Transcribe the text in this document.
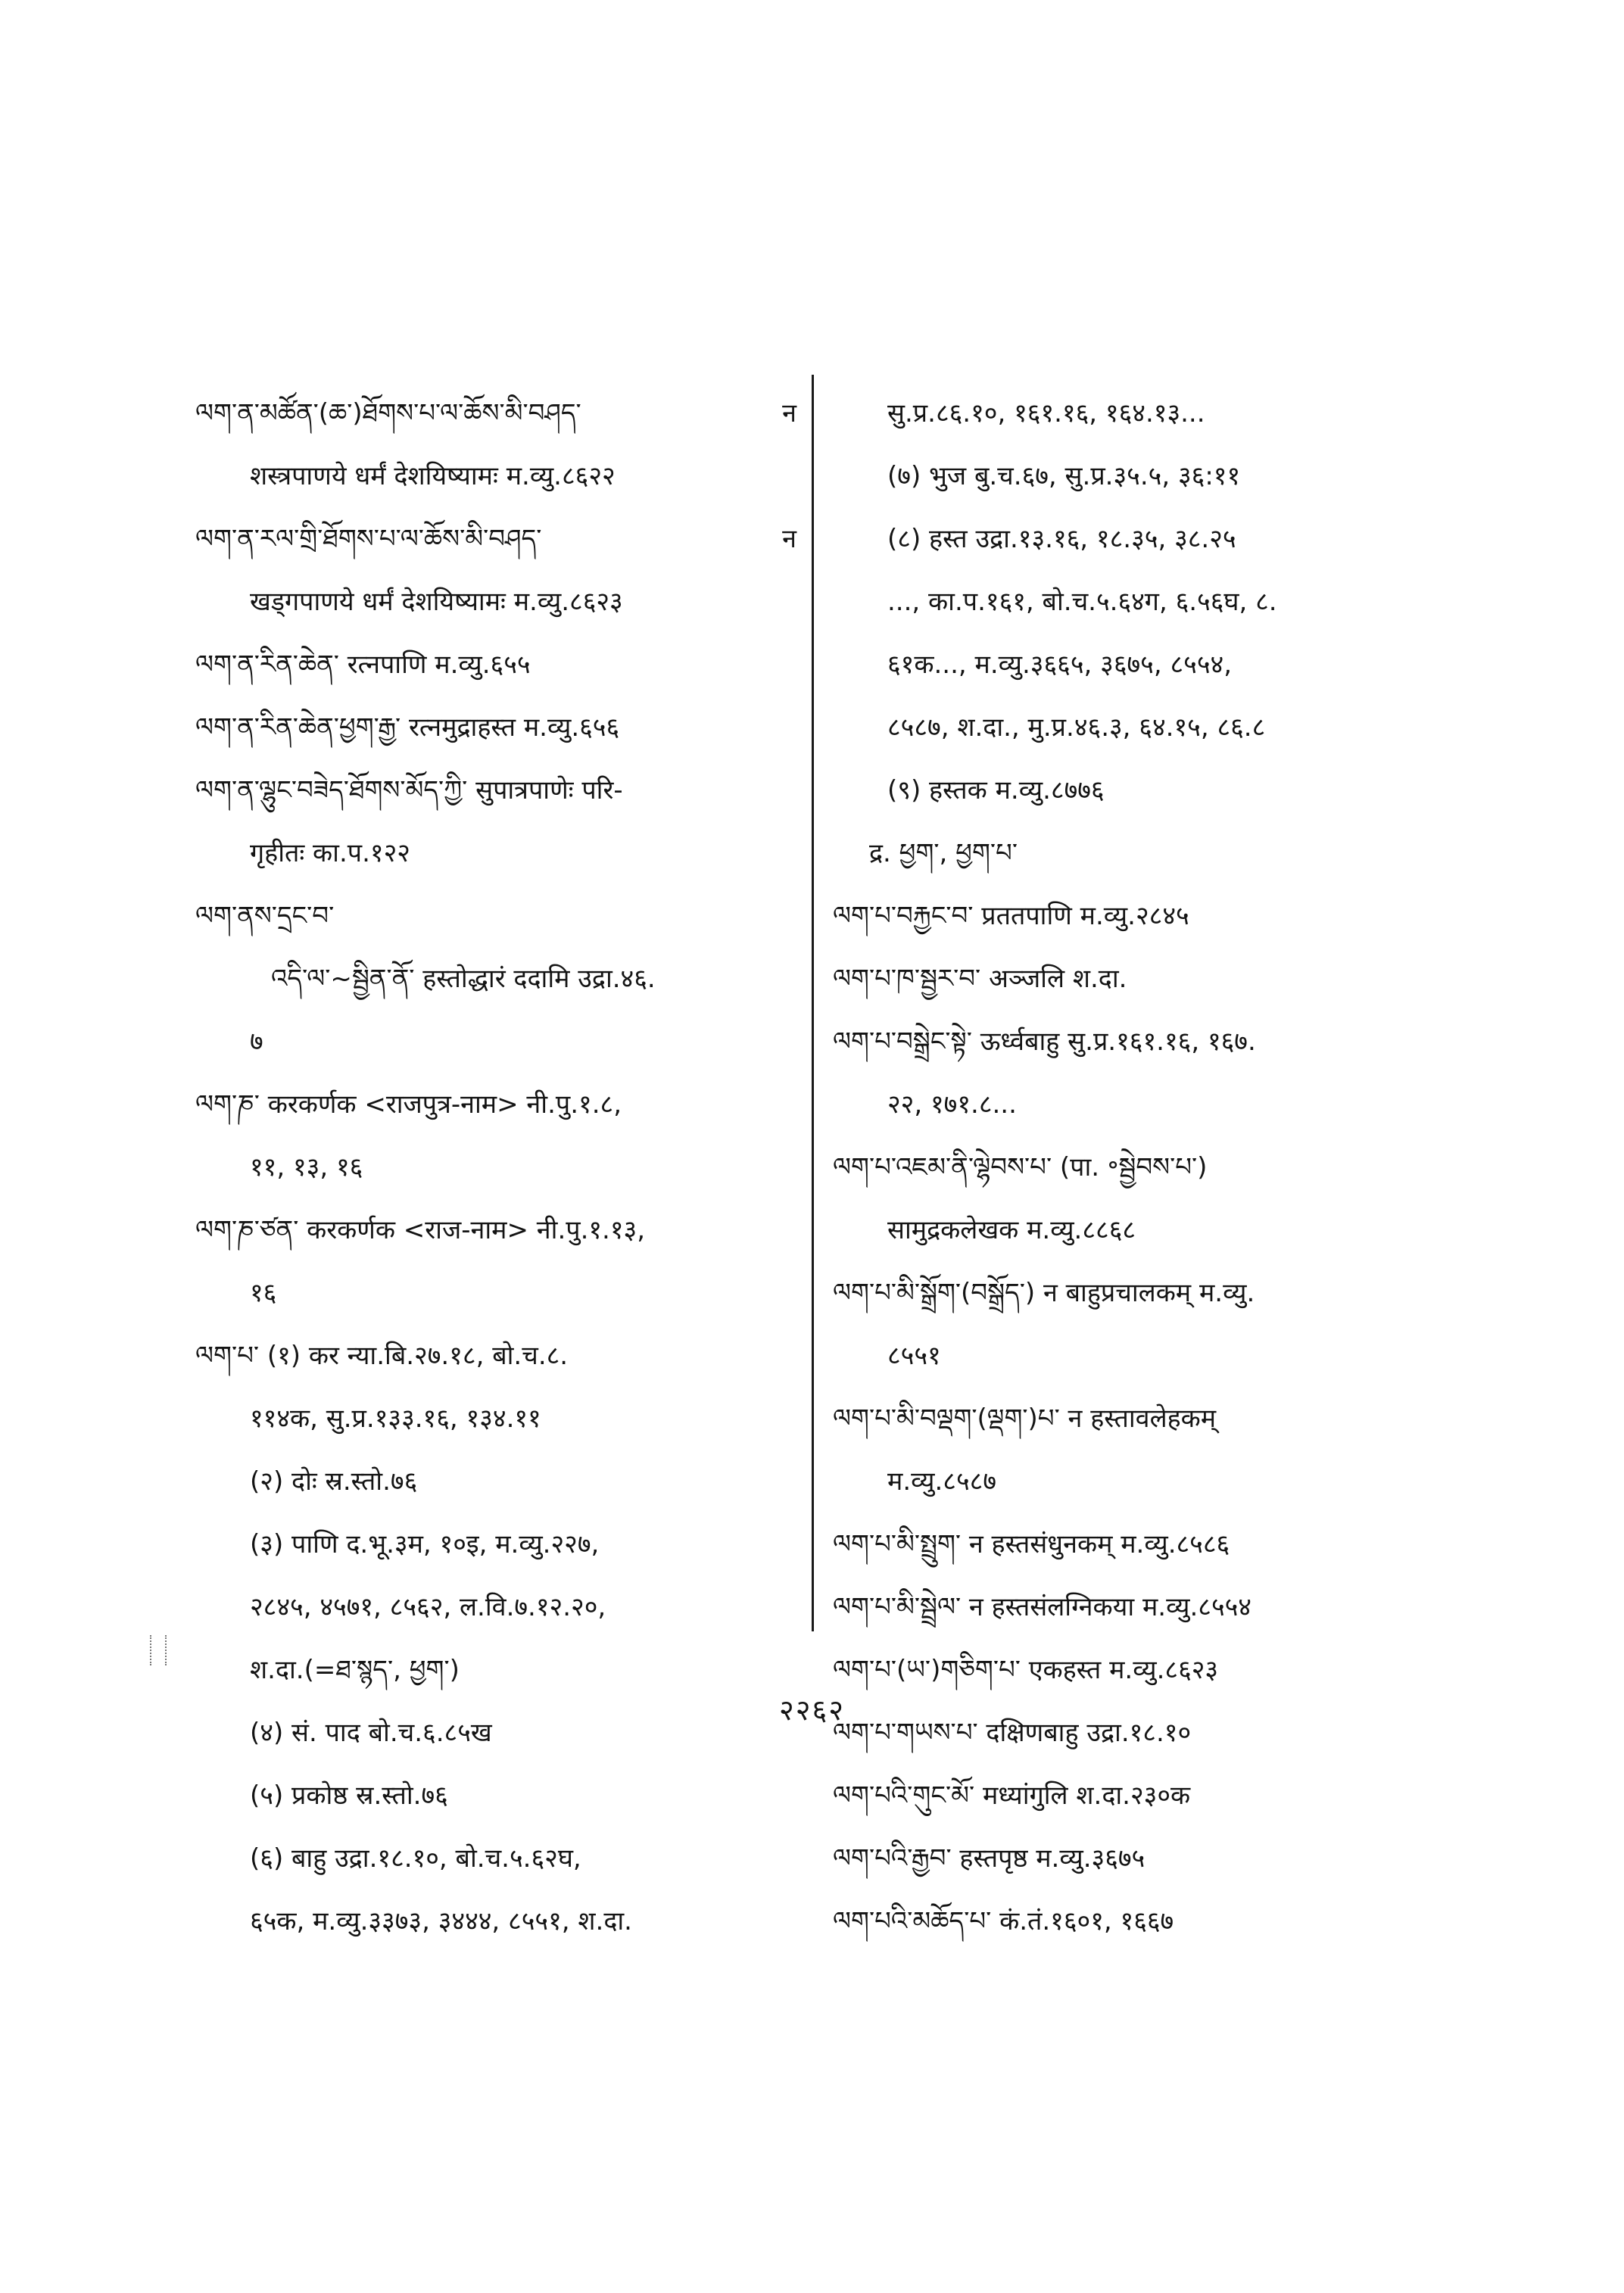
ལག་ན་མཚོན་(ཆ་)ཐོགས་པ་ལ་ཆོས་མི་བཤད་	न
शस्त्रपाणये धर्मं देशयिष्यामः म.व्यु.८६२२
ལག་ན་རལ་གྲི་ཐོགས་པ་ལ་ཆོས་མི་བཤད་	न
खड्गपाणये धर्मं देशयिष्यामः म.व्यु.८६२३
ལག་ན་རིན་ཆེན་ रत्नपाणि म.व्यु.६५५
ལག་ན་རིན་ཆེན་ཕྱག་རྒྱ་ रत्नमुद्राहस्त म.व्यु.६५६
ལག་ན་ལྷུང་བཟེད་ཐོགས་མོད་ཀྱི་ सुपात्रपाणेः परि-
गृहीतः का.प.१२२
ལག་ནས་དྲང་བ་
འདི་ལ་~སྦྱིན་ནོ་ हस्तोद्धारं ददामि उद्रा.४६.
७
ལག་ཎ་ करकर्णक <राजपुत्र-नाम> नी.पु.१.८,
११, १३, १६
ལག་ཎ་ཙན་ करकर्णक <राज-नाम> नी.पु.१.१३,
१६
ལག་པ་ (१) कर न्या.बि.२७.१८, बो.च.८.
११४क, सु.प्र.१३३.१६, १३४.११
(२) दोः स्र.स्तो.७६
(३) पाणि द.भू.३म, १०इ, म.व्यु.२२७,
२८४५, ४५७१, ८५६२, ल.वि.७.१२.२०,
श.दा.(=ཐ་སྙད་, ཕྱག་)
(४) सं. पाद बो.च.६.८५ख
(५) प्रकोष्ठ स्र.स्तो.७६
(६) बाहु उद्रा.१८.१०, बो.च.५.६२घ,
६५क, म.व्यु.३३७३, ३४४४, ८५५१, श.दा.
सु.प्र.८६.१०, १६१.१६, १६४.१३...
(७) भुज बु.च.६७, सु.प्र.३५.५, ३६:११
(८) हस्त उद्रा.१३.१६, १८.३५, ३८.२५
..., का.प.१६१, बो.च.५.६४ग, ६.५६घ, ८.
६१क..., म.व्यु.३६६५, ३६७५, ८५५४,
८५८७, श.दा., मु.प्र.४६.३, ६४.१५, ८६.८
(९) हस्तक म.व्यु.८७७६
द्र. ཕྱག་, ཕྱག་པ་
ལག་པ་བརྐྱང་བ་ प्रततपाणि म.व्यु.२८४५
ལག་པ་ཁ་སྦྱར་བ་ अञ्जलि श.दा.
ལག་པ་བསྒྲེང་སྟེ་ ऊर्ध्वबाहु सु.प्र.१६१.१६, १६७.
२२, १७१.८...
ལག་པ་འཇམ་ནི་ལྷེབས་པ་ (पा. ॰སྦྱེབས་པ་)
सामुद्रकलेखक म.व्यु.८८६८
ལག་པ་མི་སྒྲོག་(བསྒྲོད་) न बाहुप्रचालकम् म.व्यु.
८५५१
ལག་པ་མི་བལྡག་(ལྡག་)པ་ न हस्तावलेहकम्
म.व्यु.८५८७
ལག་པ་མི་སྤྲུག་ न हस्तसंधुनकम् म.व्यु.८५८६
ལག་པ་མི་སྦྲེལ་ न हस्तसंलग्निकया म.व्यु.८५५४
ལག་པ་(ཡ་)གཅིག་པ་ एकहस्त म.व्यु.८६२३
ལག་པ་གཡས་པ་ दक्षिणबाहु उद्रा.१८.१०
ལག་པའི་གུང་མོ་ मध्यांगुलि श.दा.२३०क
ལག་པའི་རྒྱབ་ हस्तपृष्ठ म.व्यु.३६७५
ལག་པའི་མཆོད་པ་ कं.तं.१६०१, १६६७
२२६२
